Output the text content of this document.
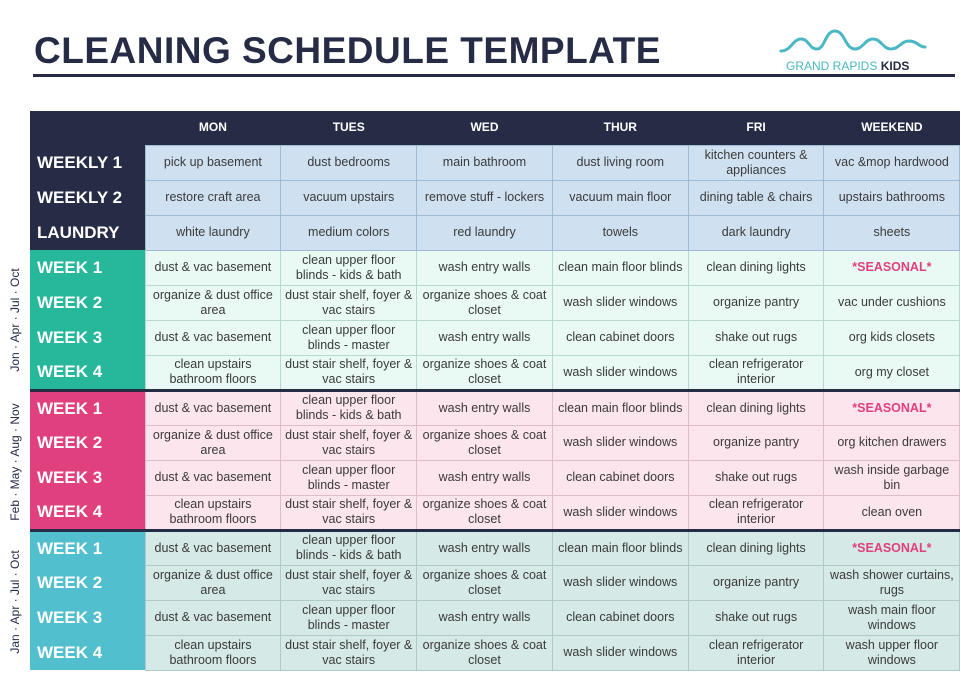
CLEANING SCHEDULE TEMPLATE	GRAND RAPIDS KIDS
	MON	TUES	WED	THUR	FRI	WEEKEND
WEEKLY 1	pick up basement	dust bedrooms	main bathroom	dust living room	kitchen counters & appliances	vac &mop hardwood
WEEKLY 2	restore craft area	vacuum upstairs	remove stuff - lockers	vacuum main floor	dining table & chairs	upstairs bathrooms
LAUNDRY	white laundry	medium colors	red laundry	towels	dark laundry	sheets
WEEK 1	dust & vac basement	clean upper floor blinds - kids & bath	wash entry walls	clean main floor blinds	clean dining lights	*SEASONAL*
WEEK 2	organize & dust office area	dust stair shelf, foyer & vac stairs	organize shoes & coat closet	wash slider windows	organize pantry	vac under cushions
WEEK 3	dust & vac basement	clean upper floor blinds - master	wash entry walls	clean cabinet doors	shake out rugs	org kids closets
WEEK 4	clean upstairs bathroom floors	dust stair shelf, foyer & vac stairs	organize shoes & coat closet	wash slider windows	clean refrigerator interior	org my closet
WEEK 1	dust & vac basement	clean upper floor blinds - kids & bath	wash entry walls	clean main floor blinds	clean dining lights	*SEASONAL*
WEEK 2	organize & dust office area	dust stair shelf, foyer & vac stairs	organize shoes & coat closet	wash slider windows	organize pantry	org kitchen drawers
WEEK 3	dust & vac basement	clean upper floor blinds - master	wash entry walls	clean cabinet doors	shake out rugs	wash inside garbage bin
WEEK 4	clean upstairs bathroom floors	dust stair shelf, foyer & vac stairs	organize shoes & coat closet	wash slider windows	clean refrigerator interior	clean oven
WEEK 1	dust & vac basement	clean upper floor blinds - kids & bath	wash entry walls	clean main floor blinds	clean dining lights	*SEASONAL*
WEEK 2	organize & dust office area	dust stair shelf, foyer & vac stairs	organize shoes & coat closet	wash slider windows	organize pantry	wash shower curtains, rugs
WEEK 3	dust & vac basement	clean upper floor blinds - master	wash entry walls	clean cabinet doors	shake out rugs	wash main floor windows
WEEK 4	clean upstairs bathroom floors	dust stair shelf, foyer & vac stairs	organize shoes & coat closet	wash slider windows	clean refrigerator interior	wash upper floor windows
Jon · Apr · Jul · Oct
Feb · May · Aug · Nov
Jan · Apr · Jul · Oct
